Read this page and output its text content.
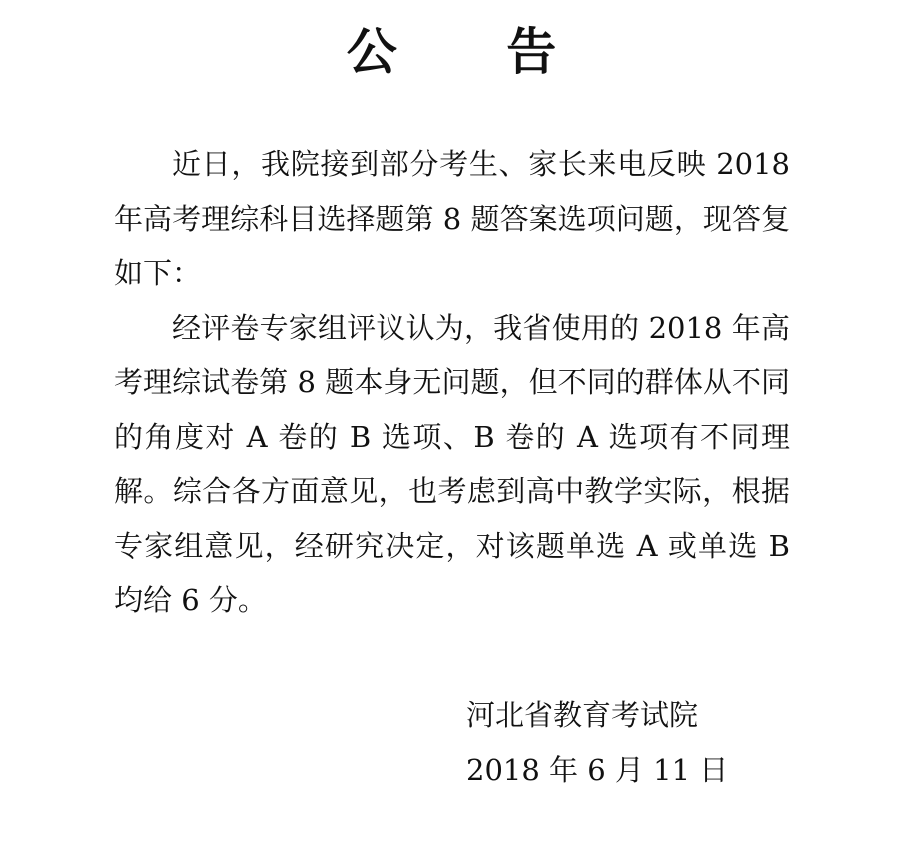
公 告

近日，我院接到部分考生、家长来电反映 2018 年高考理综科目选择题第 8 题答案选项问题，现答复如下：

经评卷专家组评议认为，我省使用的 2018 年高考理综试卷第 8 题本身无问题，但不同的群体从不同的角度对 A 卷的 B 选项、B 卷的 A 选项有不同理解。综合各方面意见，也考虑到高中教学实际，根据专家组意见，经研究决定，对该题单选 A 或单选 B 均给 6 分。

河北省教育考试院
2018 年 6 月 11 日
